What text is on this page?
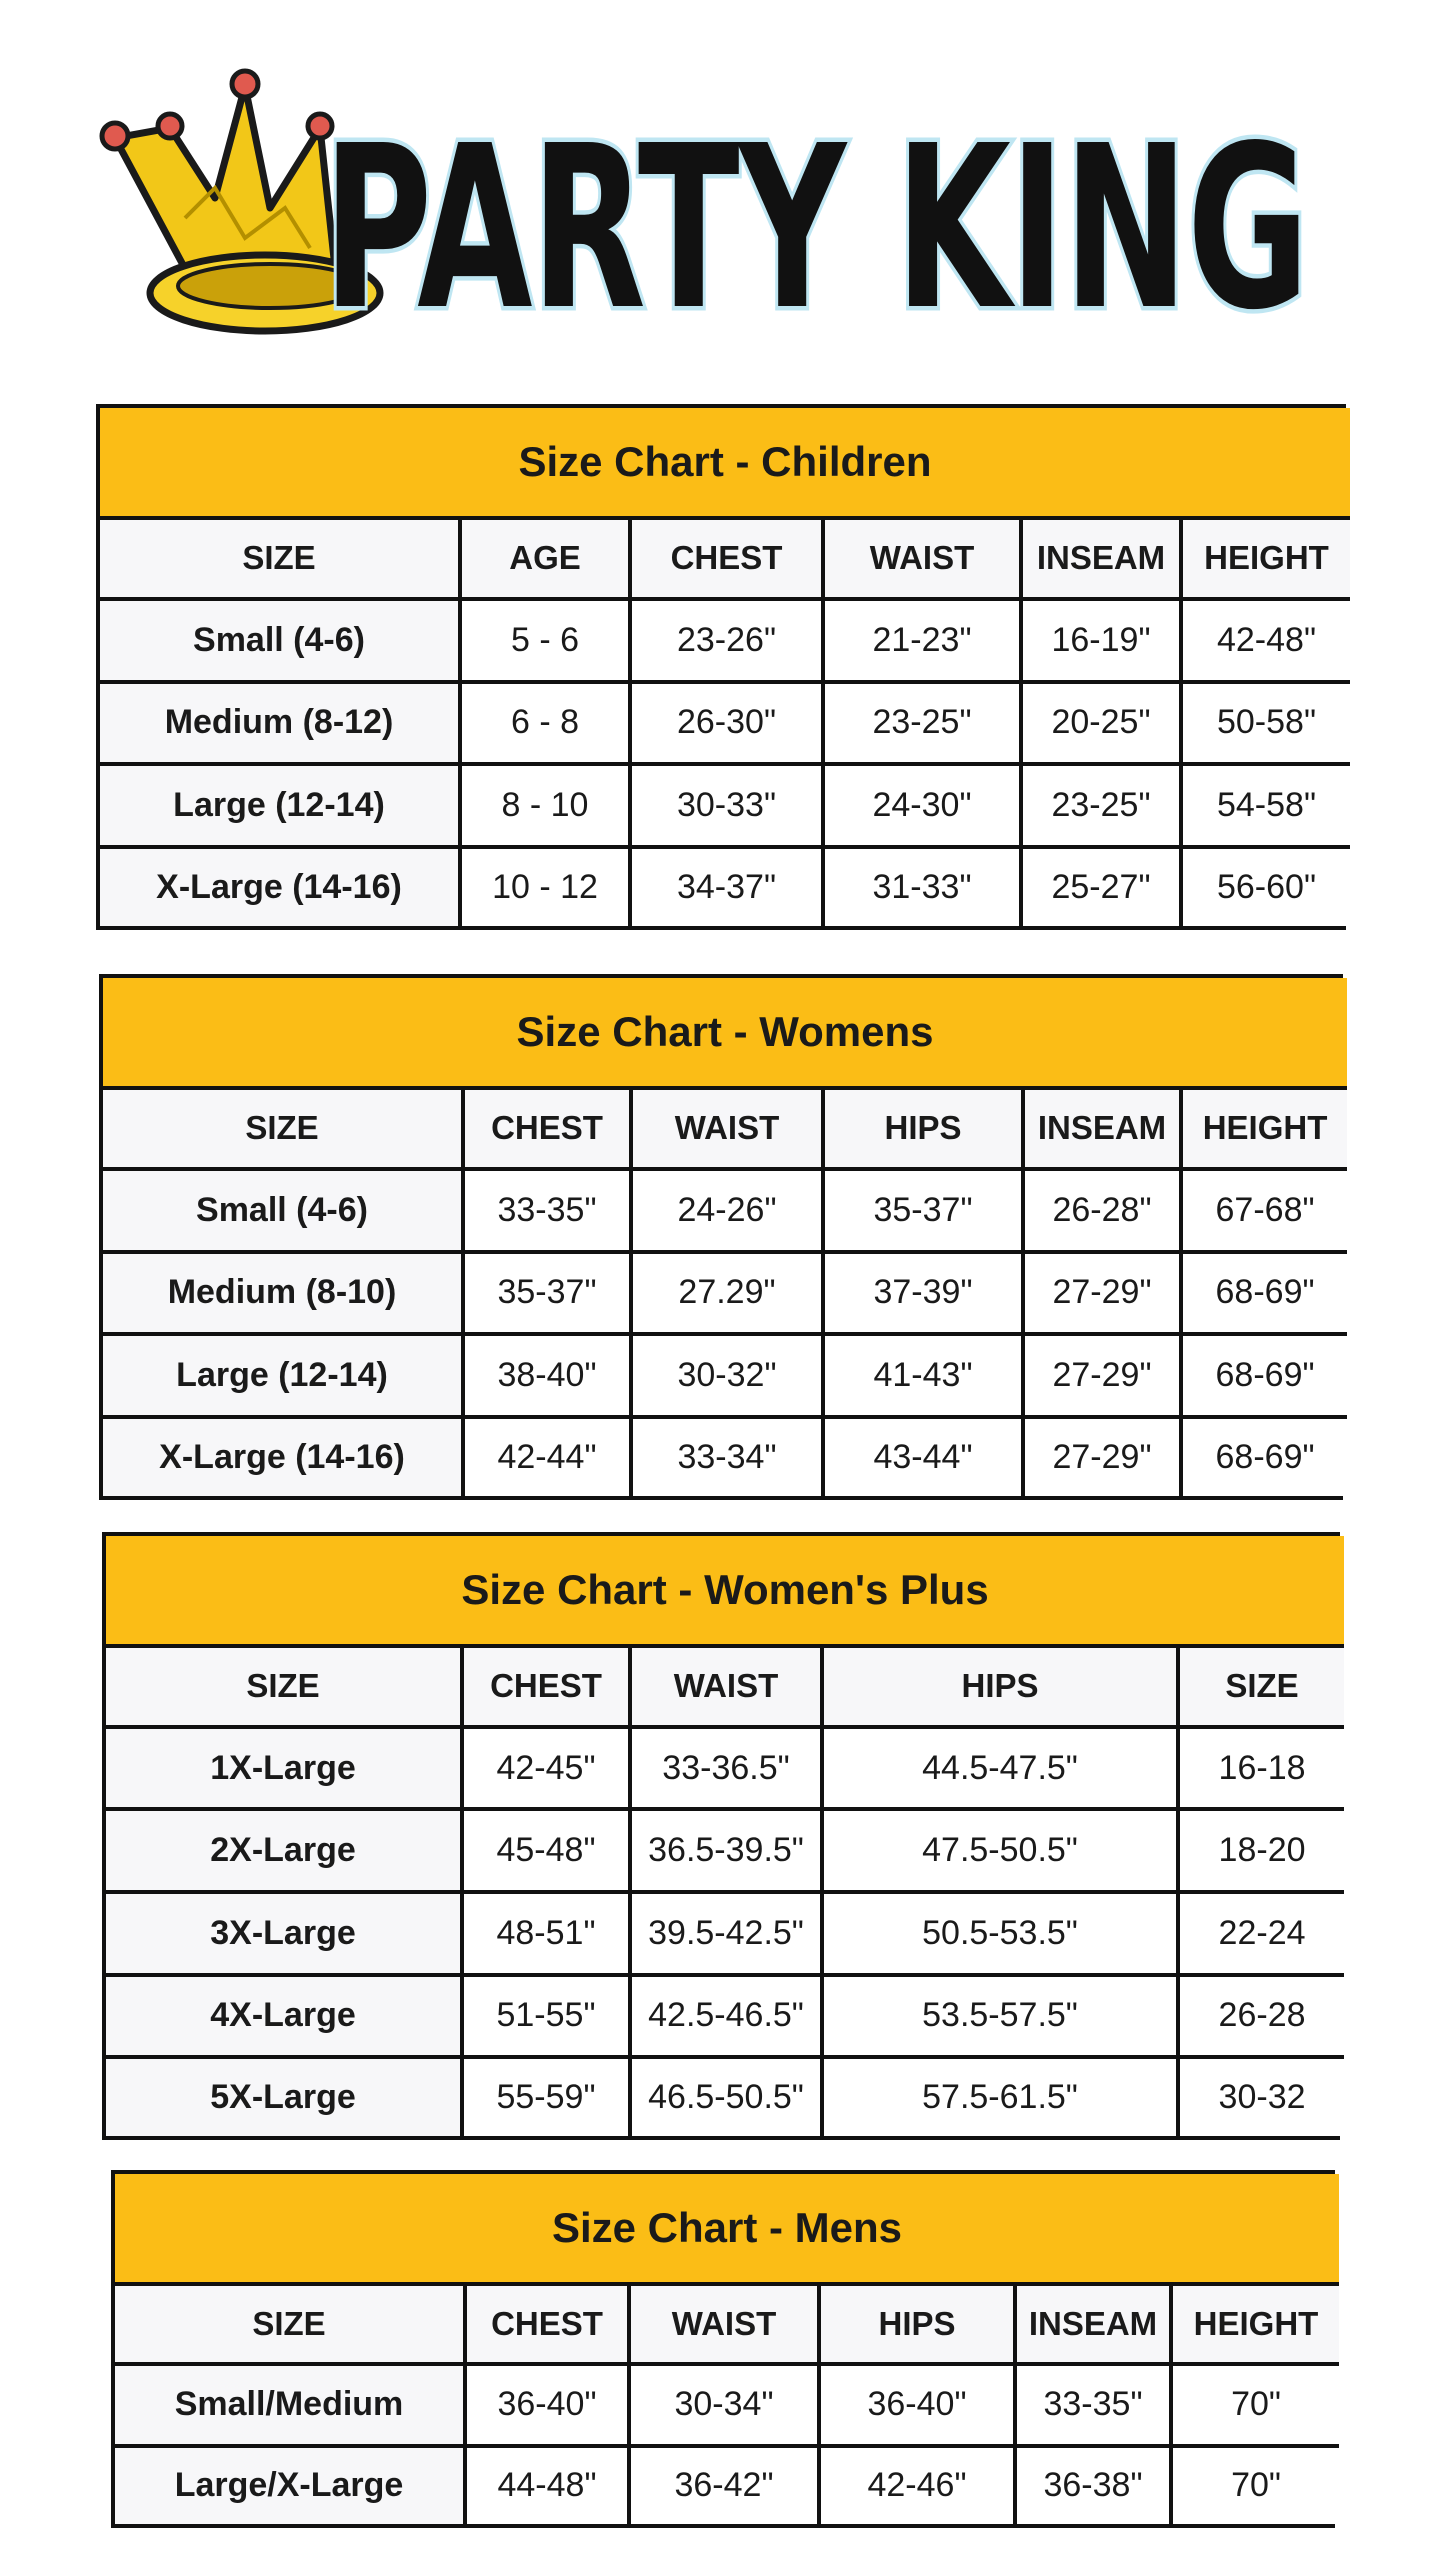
PARTY KING
Size Chart - Children					
SIZE	AGE	CHEST	WAIST	INSEAM	HEIGHT
Small (4-6)	5 - 6	23-26"	21-23"	16-19"	42-48"
Medium (8-12)	6 - 8	26-30"	23-25"	20-25"	50-58"
Large (12-14)	8 - 10	30-33"	24-30"	23-25"	54-58"
X-Large (14-16)	10 - 12	34-37"	31-33"	25-27"	56-60"
Size Chart - Womens					
SIZE	CHEST	WAIST	HIPS	INSEAM	HEIGHT
Small (4-6)	33-35"	24-26"	35-37"	26-28"	67-68"
Medium (8-10)	35-37"	27.29"	37-39"	27-29"	68-69"
Large (12-14)	38-40"	30-32"	41-43"	27-29"	68-69"
X-Large (14-16)	42-44"	33-34"	43-44"	27-29"	68-69"
Size Chart - Women's Plus				
SIZE	CHEST	WAIST	HIPS	SIZE
1X-Large	42-45"	33-36.5"	44.5-47.5"	16-18
2X-Large	45-48"	36.5-39.5"	47.5-50.5"	18-20
3X-Large	48-51"	39.5-42.5"	50.5-53.5"	22-24
4X-Large	51-55"	42.5-46.5"	53.5-57.5"	26-28
5X-Large	55-59"	46.5-50.5"	57.5-61.5"	30-32
Size Chart - Mens					
SIZE	CHEST	WAIST	HIPS	INSEAM	HEIGHT
Small/Medium	36-40"	30-34"	36-40"	33-35"	70"
Large/X-Large	44-48"	36-42"	42-46"	36-38"	70"
